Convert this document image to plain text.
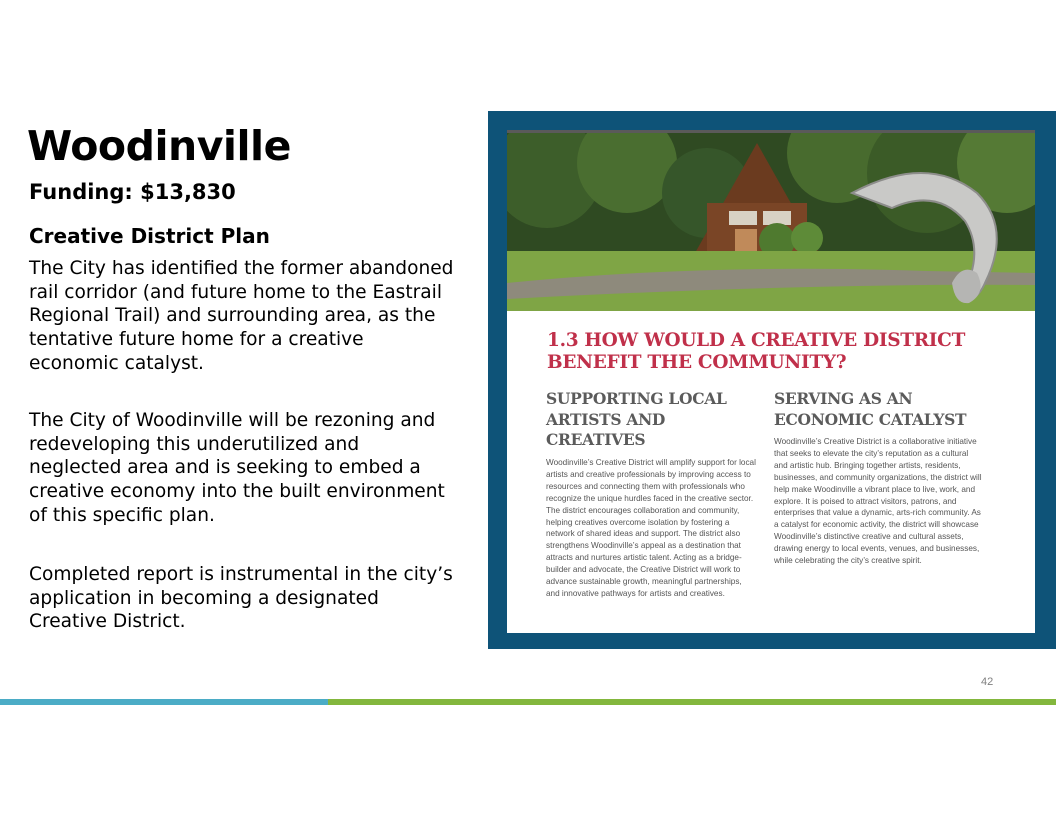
Woodinville
Funding: $13,830
Creative District Plan
The City has identified the former abandoned rail corridor (and future home to the Eastrail Regional Trail) and surrounding area, as the tentative future home for a creative economic catalyst.
The City of Woodinville will be rezoning and redeveloping this underutilized and neglected area and is seeking to embed a creative economy into the built environment of this specific plan.
Completed report is instrumental in the city’s application in becoming a designated Creative District.
1.3 HOW WOULD A CREATIVE DISTRICT BENEFIT THE COMMUNITY?
SUPPORTING LOCAL ARTISTS AND CREATIVES
Woodinville’s Creative District will amplify support for local artists and creative professionals by improving access to resources and connecting them with professionals who recognize the unique hurdles faced in the creative sector. The district encourages collaboration and community, helping creatives overcome isolation by fostering a network of shared ideas and support. The district also strengthens Woodinville’s appeal as a destination that attracts and nurtures artistic talent. Acting as a bridge-builder and advocate, the Creative District will work to advance sustainable growth, meaningful partnerships, and innovative pathways for artists and creatives.
SERVING AS AN ECONOMIC CATALYST
Woodinville’s Creative District is a collaborative initiative that seeks to elevate the city’s reputation as a cultural and artistic hub. Bringing together artists, residents, businesses, and community organizations, the district will help make Woodinville a vibrant place to live, work, and explore. It is poised to attract visitors, patrons, and enterprises that value a dynamic, arts-rich community. As a catalyst for economic activity, the district will showcase Woodinville’s distinctive creative and cultural assets, drawing energy to local events, venues, and businesses, while celebrating the city’s creative spirit.
42
